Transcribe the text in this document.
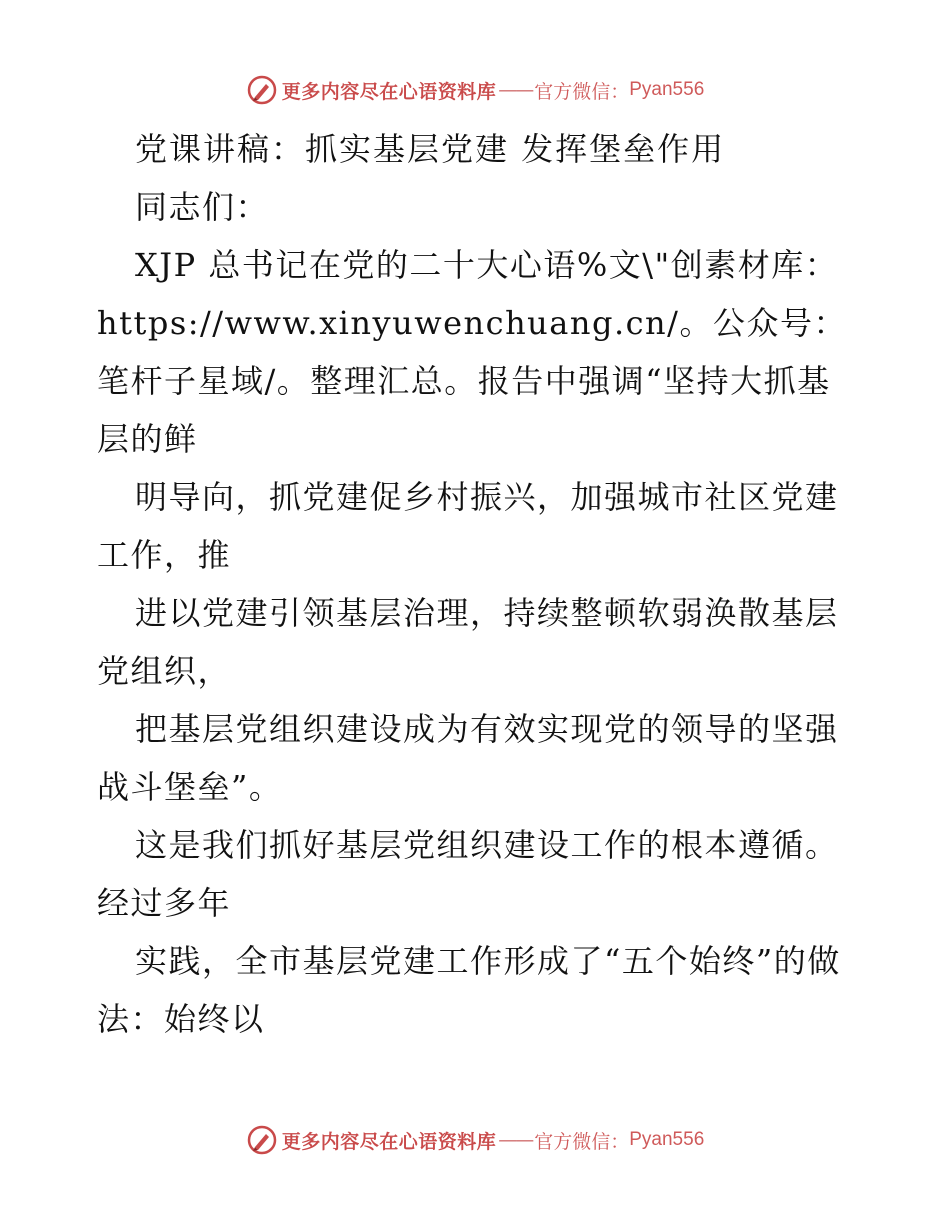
更多内容尽在心语资料库 —— 官方微信： Pyan556

党课讲稿：抓实基层党建 发挥堡垒作用

同志们：

XJP 总书记在党的二十大心语%文\"创素材库：https://www.xinyuwenchuang.cn/。公众号：笔杆子星域/。整理汇总。报告中强调“坚持大抓基层的鲜

明导向，抓党建促乡村振兴，加强城市社区党建工作，推

进以党建引领基层治理，持续整顿软弱涣散基层党组织，

把基层党组织建设成为有效实现党的领导的坚强战斗堡垒”。

这是我们抓好基层党组织建设工作的根本遵循。经过多年

实践，全市基层党建工作形成了“五个始终”的做法：始终以

更多内容尽在心语资料库 —— 官方微信： Pyan556
